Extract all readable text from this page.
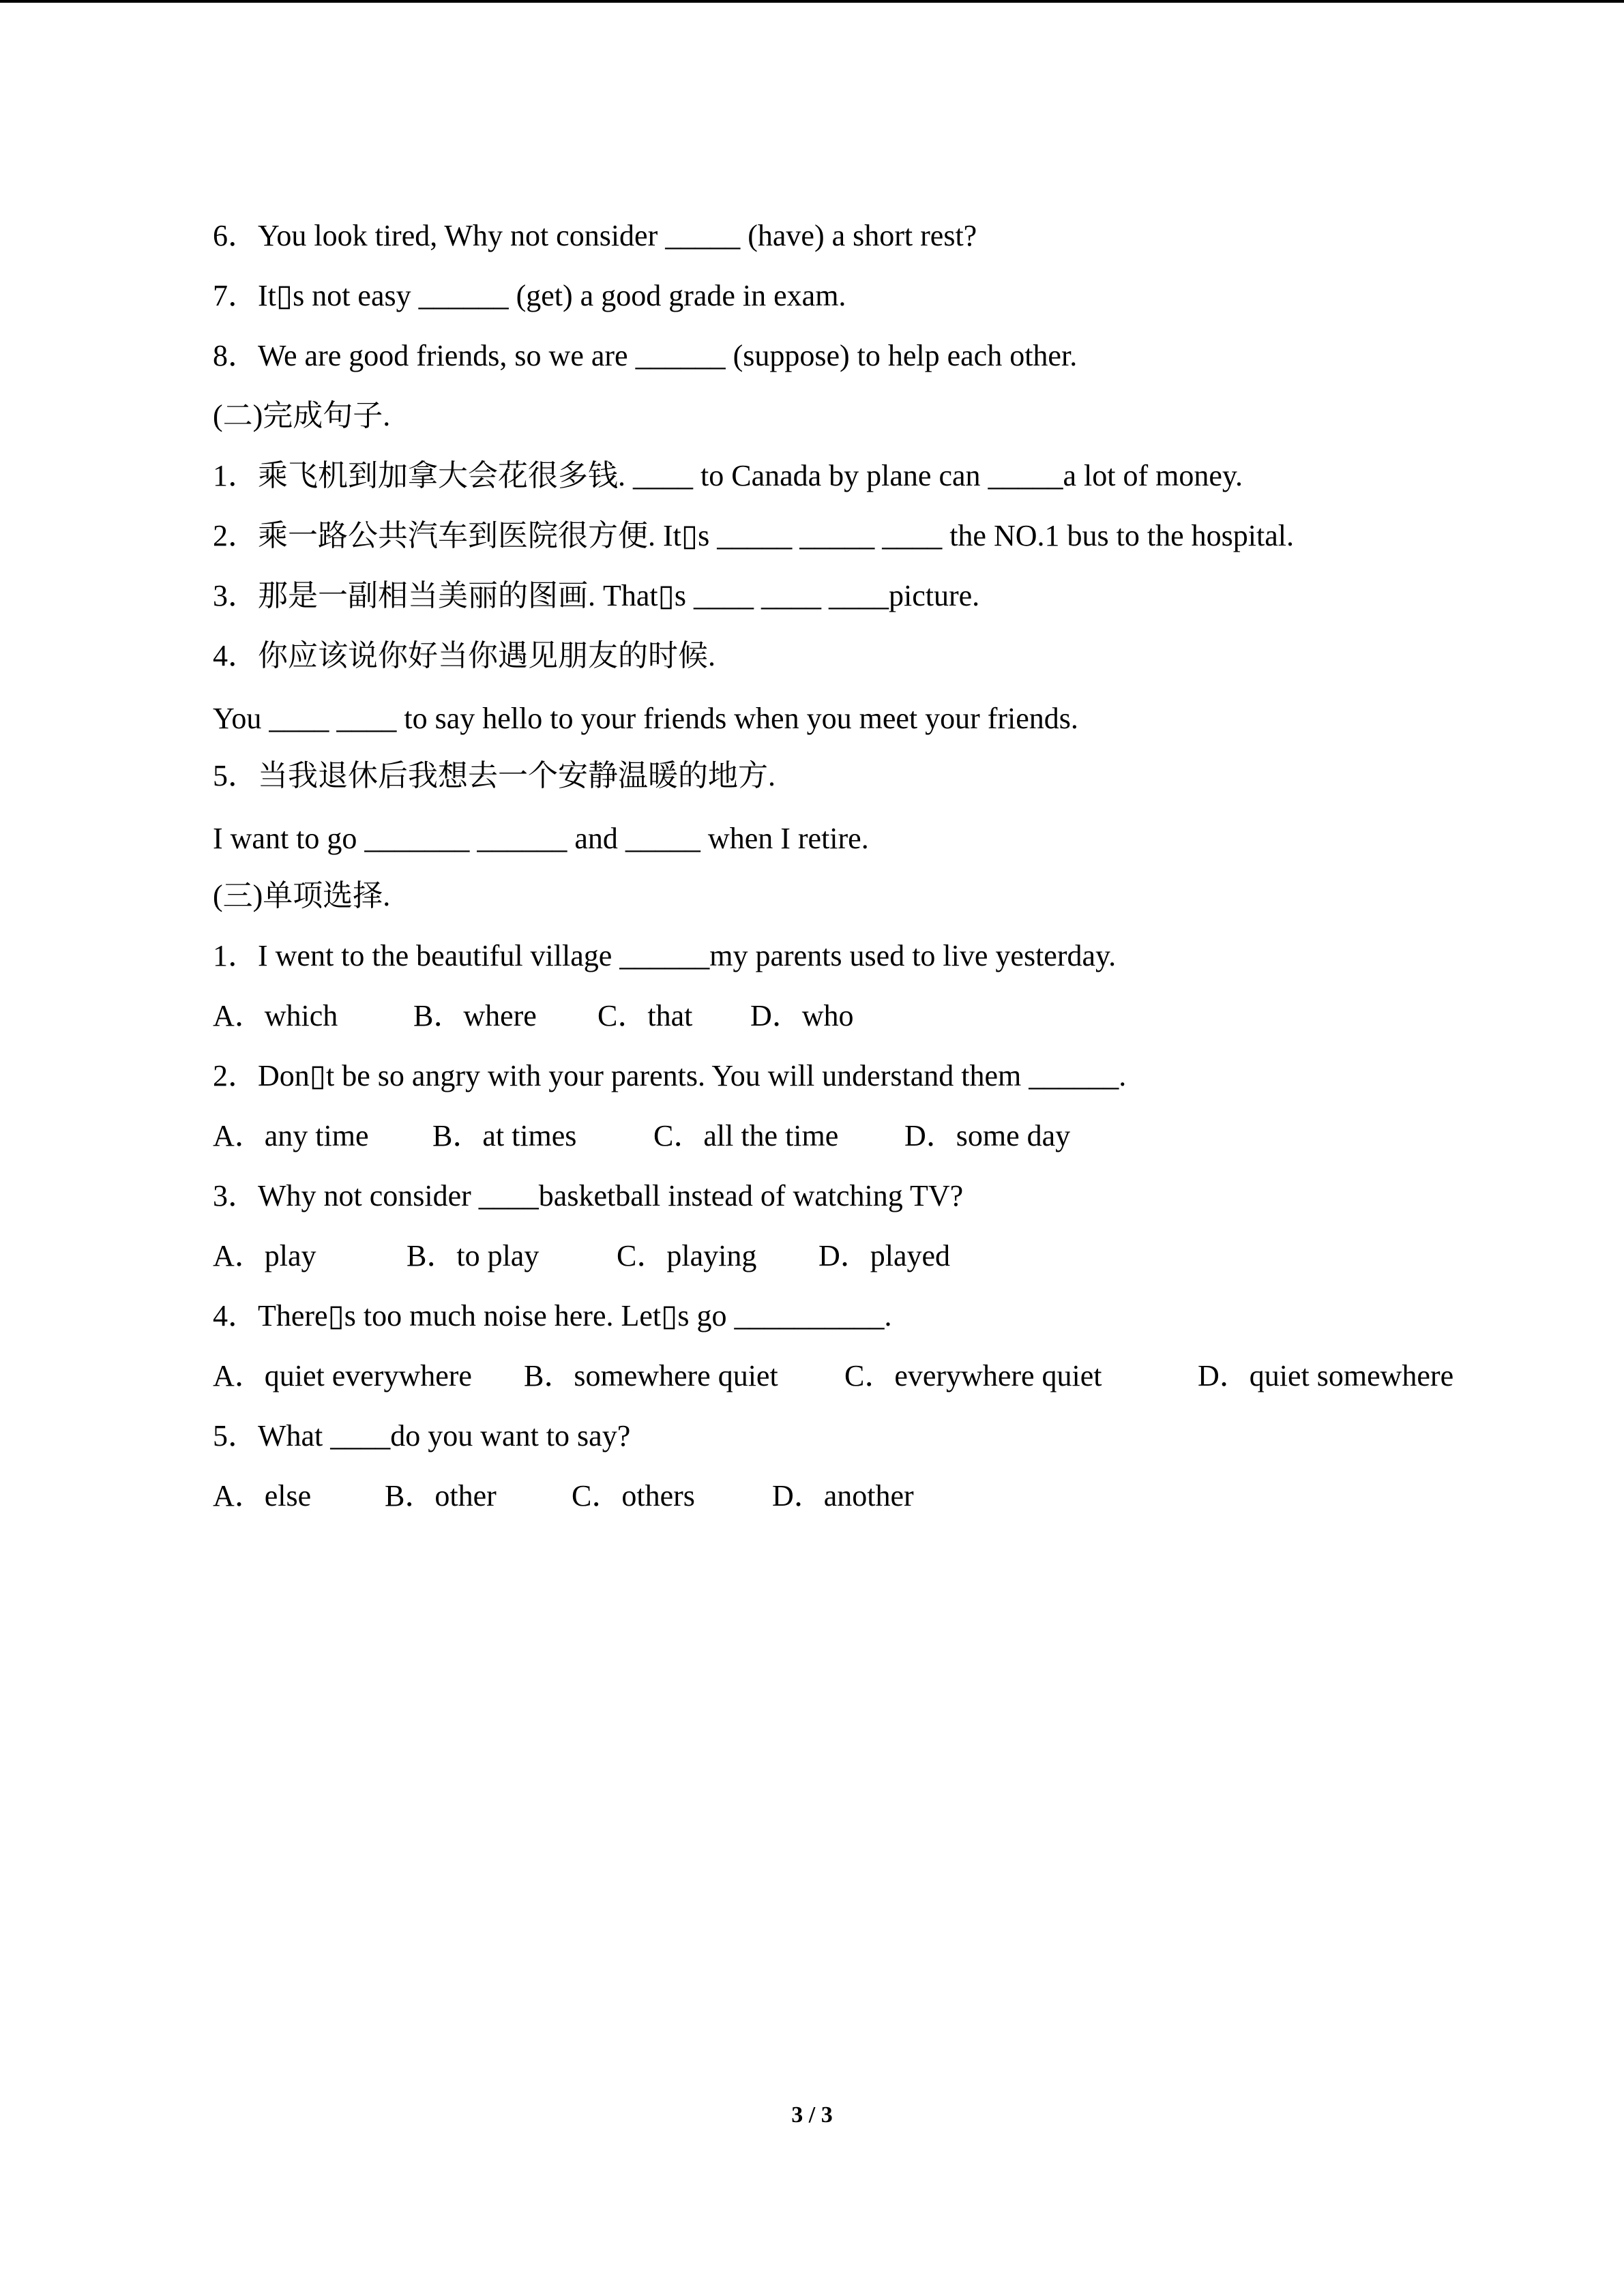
6．You look tired, Why not consider _____ (have) a short rest?
7．It▯s not easy ______ (get) a good grade in exam.
8．We are good friends, so we are ______ (suppose) to help each other.
(二)完成句子.
1．乘飞机到加拿大会花很多钱. ____ to Canada by plane can _____a lot of money.
2．乘一路公共汽车到医院很方便. It▯s _____ _____ ____ the NO.1 bus to the hospital.
3．那是一副相当美丽的图画. That▯s ____ ____ ____picture.
4．你应该说你好当你遇见朋友的时候.
You ____ ____ to say hello to your friends when you meet your friends.
5．当我退休后我想去一个安静温暖的地方.
I want to go _______ ______ and _____ when I retire.
(三)单项选择.
1．I went to the beautiful village ______my parents used to live yesterday.
A．which	B．where C．that D．who
2．Don▯t be so angry with your parents. You will understand them ______.
A．any time B．at times	C．all the time D．some day
3．Why not consider ____basketball instead of watching TV?
A．play	B．to play	C．playing D．played
4．There▯s too much noise here. Let▯s go __________.
A．quiet everywhere B．somewhere quiet C．everywhere quiet	D．quiet somewhere
5．What ____do you want to say?
A．else B．other	C．others	D．another
3 / 3
